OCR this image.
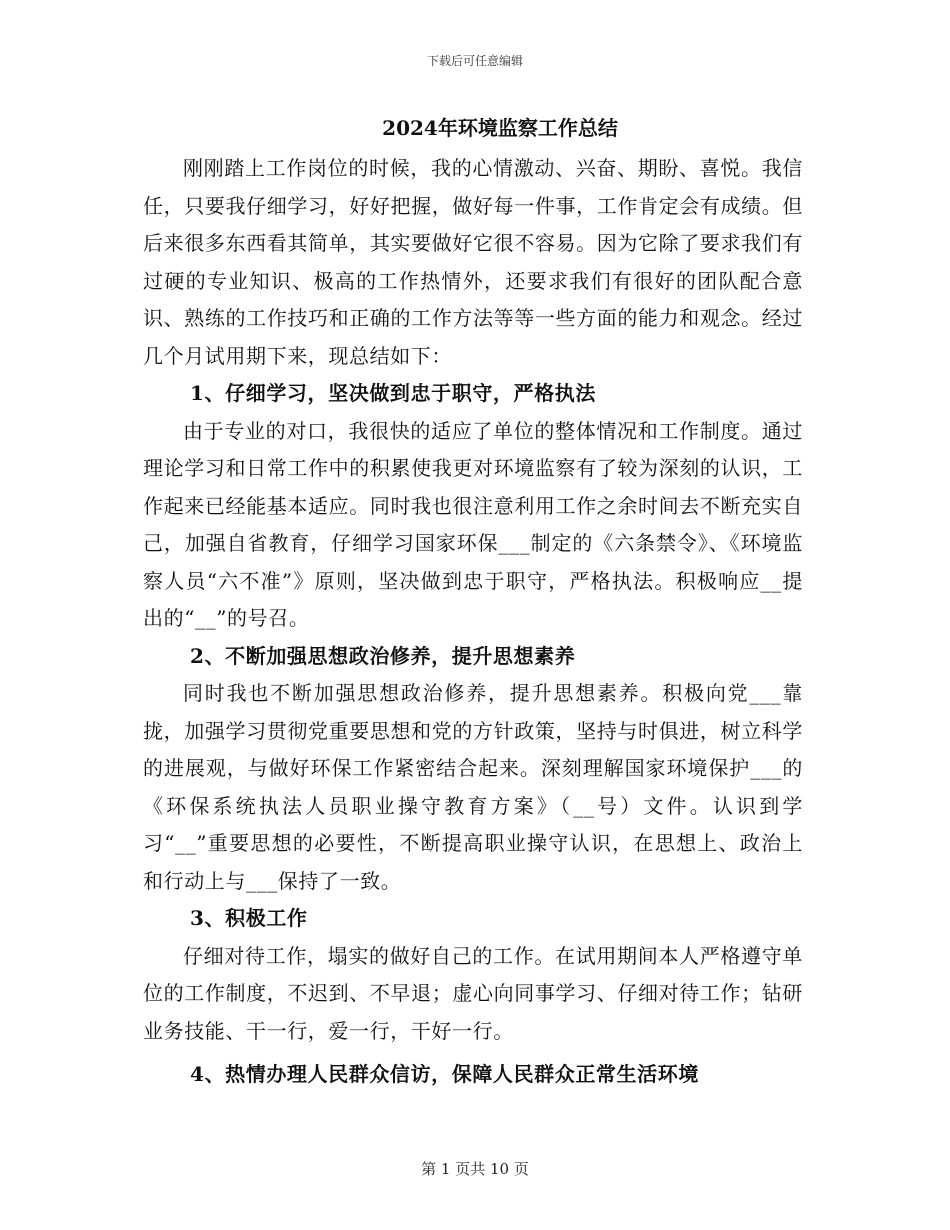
下载后可任意编辑
2024年环境监察工作总结

刚刚踏上工作岗位的时候，我的心情激动、兴奋、期盼、喜悦。我信任，只要我仔细学习，好好把握，做好每一件事，工作肯定会有成绩。但后来很多东西看其简单，其实要做好它很不容易。因为它除了要求我们有过硬的专业知识、极高的工作热情外，还要求我们有很好的团队配合意识、熟练的工作技巧和正确的工作方法等等一些方面的能力和观念。经过几个月试用期下来，现总结如下：

1、仔细学习，坚决做到忠于职守，严格执法

由于专业的对口，我很快的适应了单位的整体情况和工作制度。通过理论学习和日常工作中的积累使我更对环境监察有了较为深刻的认识，工作起来已经能基本适应。同时我也很注意利用工作之余时间去不断充实自己，加强自省教育，仔细学习国家环保___制定的《六条禁令》、《环境监察人员“六不准”》原则，坚决做到忠于职守，严格执法。积极响应__提出的“__”的号召。

2、不断加强思想政治修养，提升思想素养

同时我也不断加强思想政治修养，提升思想素养。积极向党___靠拢，加强学习贯彻党重要思想和党的方针政策，坚持与时俱进，树立科学的进展观，与做好环保工作紧密结合起来。深刻理解国家环境保护___的《环保系统执法人员职业操守教育方案》（__号）文件。认识到学习“__”重要思想的必要性，不断提高职业操守认识，在思想上、政治上和行动上与___保持了一致。

3、积极工作

仔细对待工作，塌实的做好自己的工作。在试用期间本人严格遵守单位的工作制度，不迟到、不早退；虚心向同事学习、仔细对待工作；钻研业务技能、干一行，爱一行，干好一行。

4、热情办理人民群众信访，保障人民群众正常生活环境

第 1 页共 10 页
